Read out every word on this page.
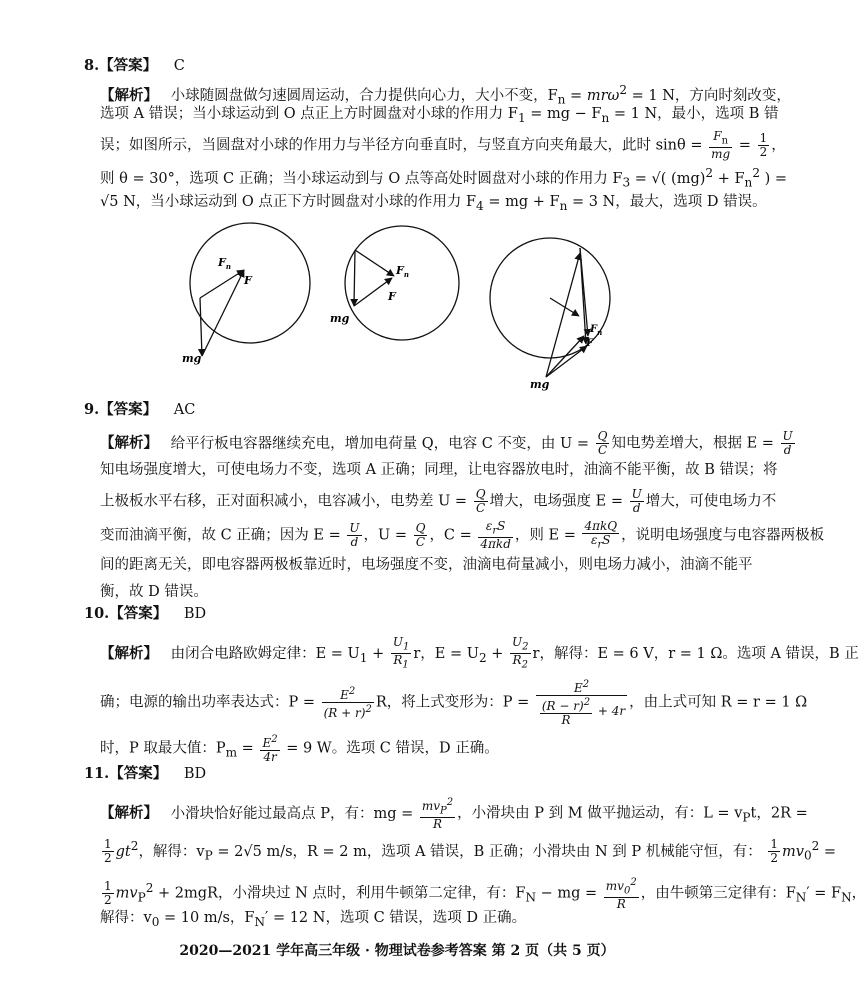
8.【答案】 C
【解析】 小球随圆盘做匀速圆周运动，合力提供向心力，大小不变，$F_n = mr\omega^2 = 1$ N，方向时刻改变，
选项 A 错误；当小球运动到 O 点正上方时圆盘对小球的作用力 $F_1$ = mg − $F_n = 1$ N，最小，选项 B 错
误；如图所示，当圆盘对小球的作用力与半径方向垂直时，与竖直方向夹角最大，此时 $\sin\theta = \frac{F_n}{mg} = \frac{1}{2}$ ，
则 θ = 30°，选项 C 正确；当小球运动到与 O 点等高处时圆盘对小球的作用力 $F_3$ = √( $(mg)^2 + F_n^2$ ) =
√5 N，当小球运动到 O 点正下方时圆盘对小球的作用力 $F_4$ = mg + $F_n = 3$ N，最大，选项 D 错误。
$F_n$
F
mg
$F_n$
F
mg
$F_n$
F
mg
9.【答案】 AC
【解析】 给平行板电容器继续充电，增加电荷量 Q，电容 C 不变，由 $U = \frac{Q}{C}$ 知电势差增大，根据 $E = \frac{U}{d}$
知电场强度增大，可使电场力不变，选项 A 正确；同理，让电容器放电时，油滴不能平衡，故 B 错误；将
上极板水平右移，正对面积减小，电容减小，电势差 $U = \frac{Q}{C}$ 增大，电场强度 $E = \frac{U}{d}$ 增大，可使电场力不
变而油滴平衡，故 C 正确；因为 $E = \frac{U}{d}$ ，$U = \frac{Q}{C}$ ，$C = \frac{\varepsilon_rS}{\text{4πkd}}$ ，则 $E = \frac{\text{4πkQ}}{\varepsilon_rS}$ ，说明电场强度与电容器两极板
间的距离无关，即电容器两极板靠近时，电场强度不变，油滴电荷量减小，则电场力减小，油滴不能平
衡，故 D 错误。
10.【答案】 BD
【解析】 由闭合电路欧姆定律：$E = U_1 + \frac{U_1}{R_1}$ r，$E = U_2 + \frac{U_2}{R_2}$ r，解得：E = 6 V，r = 1 Ω。选项 A 错误，B 正
确；电源的输出功率表达式：$P = \frac{E^2}{(R + r)^2}$ R，将上式变形为：$P = \frac{E^2}{\frac{(R - r)^2}{R} + 4r}$ ，由上式可知 R = r = 1 Ω
时，P 取最大值：$P_m = \frac{E^2}{4r} = 9$ W。选项 C 错误，D 正确。
11.【答案】 BD
【解析】 小滑块恰好能过最高点 P，有：mg = $\frac{mv_P^2}{R}$ ，小滑块由 P 到 M 做平抛运动，有：$L = v_Pt$，2R =
$\frac{1}{2} gt^2$，解得：$v_P = 2√5$ m/s，R = 2 m，选项 A 错误，B 正确；小滑块由 N 到 P 机械能守恒，有： $\frac{1}{2} mv_0^2$ =
$\frac{1}{2} mv_P^2 + 2mgR$，小滑块过 N 点时，利用牛顿第二定律，有：$F_N$ − mg = $\frac{mv_0^2}{R}$ ，由牛顿第三定律有：$F_N' = F_N$，
解得：$v_0 = 10$ m/s，$F_N' = 12$ N，选项 C 错误，选项 D 正确。
2020—2021 学年高三年级 · 物理试卷参考答案 第 2 页（共 5 页）
